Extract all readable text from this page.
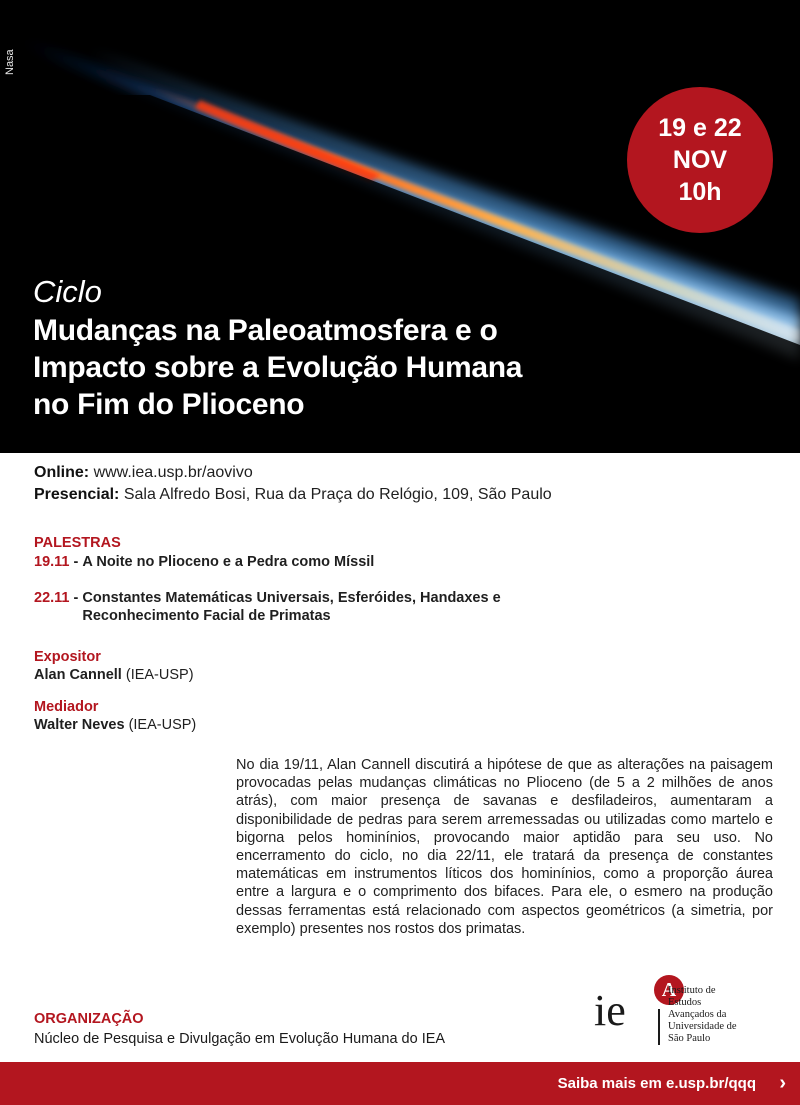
Nasa
19 e 22
NOV
10h
Ciclo
Mudanças na Paleoatmosfera e o
Impacto sobre a Evolução Humana
no Fim do Plioceno
Online: www.iea.usp.br/aovivo
Presencial: Sala Alfredo Bosi, Rua da Praça do Relógio, 109, São Paulo
PALESTRAS
19.11 - A Noite no Plioceno e a Pedra como Míssil
22.11 - Constantes Matemáticas Universais, Esferóides, Handaxes e Reconhecimento Facial de Primatas
Expositor
Alan Cannell (IEA-USP)
Mediador
Walter Neves (IEA-USP)
No dia 19/11, Alan Cannell discutirá a hipótese de que as alterações na paisagem provocadas pelas mudanças climáticas no Plioceno (de 5 a 2 milhões de anos atrás), com maior presença de savanas e desfiladeiros, aumentaram a disponibilidade de pedras para serem arremessadas ou utilizadas como martelo e bigorna pelos hominínios, provocando maior aptidão para seu uso. No encerramento do ciclo, no dia 22/11, ele tratará da presença de constantes matemáticas em instrumentos líticos dos hominínios, como a proporção áurea entre a largura e o comprimento dos bifaces. Para ele, o esmero na produção dessas ferramentas está relacionado com aspectos geométricos (a simetria, por exemplo) presentes nos rostos dos primatas.
ORGANIZAÇÃO
Núcleo de Pesquisa e Divulgação em Evolução Humana do IEA
ie	A
Instituto de
Estudos
Avançados da
Universidade de
São Paulo
Saiba mais em e.usp.br/qqq ›
